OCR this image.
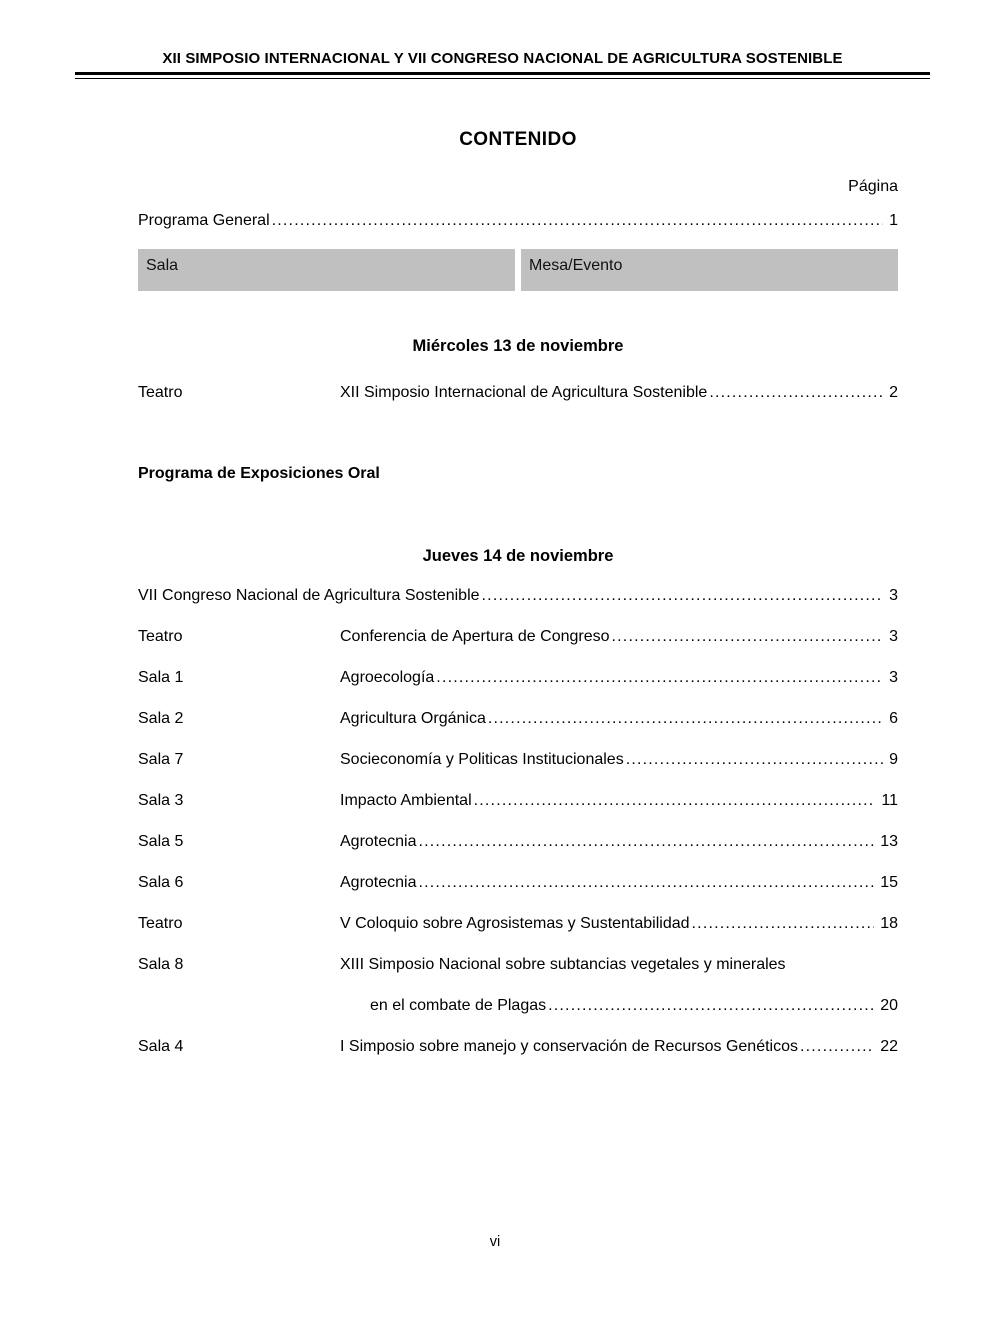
XII SIMPOSIO INTERNACIONAL Y VII CONGRESO NACIONAL DE AGRICULTURA SOSTENIBLE
CONTENIDO
Página
Programa General .....	1
Sala	Mesa/Evento
Miércoles 13 de noviembre
Teatro	XII Simposio Internacional de Agricultura Sostenible .....	2
Programa de Exposiciones Oral
Jueves 14 de noviembre
VII Congreso Nacional de Agricultura Sostenible .....	3
Teatro	Conferencia de Apertura de Congreso .....	3
Sala 1	Agroecología .....	3
Sala 2	Agricultura Orgánica .....	6
Sala 7	Socieconomía y Politicas Institucionales .....	9
Sala 3	Impacto Ambiental .....	11
Sala 5	Agrotecnia .....	13
Sala 6	Agrotecnia .....	15
Teatro	V Coloquio sobre Agrosistemas y Sustentabilidad .....	18
Sala 8	XIII Simposio Nacional sobre subtancias vegetales y minerales
en el combate de Plagas .....	20
Sala 4	I Simposio sobre manejo y conservación de Recursos Genéticos .....	22
vi
